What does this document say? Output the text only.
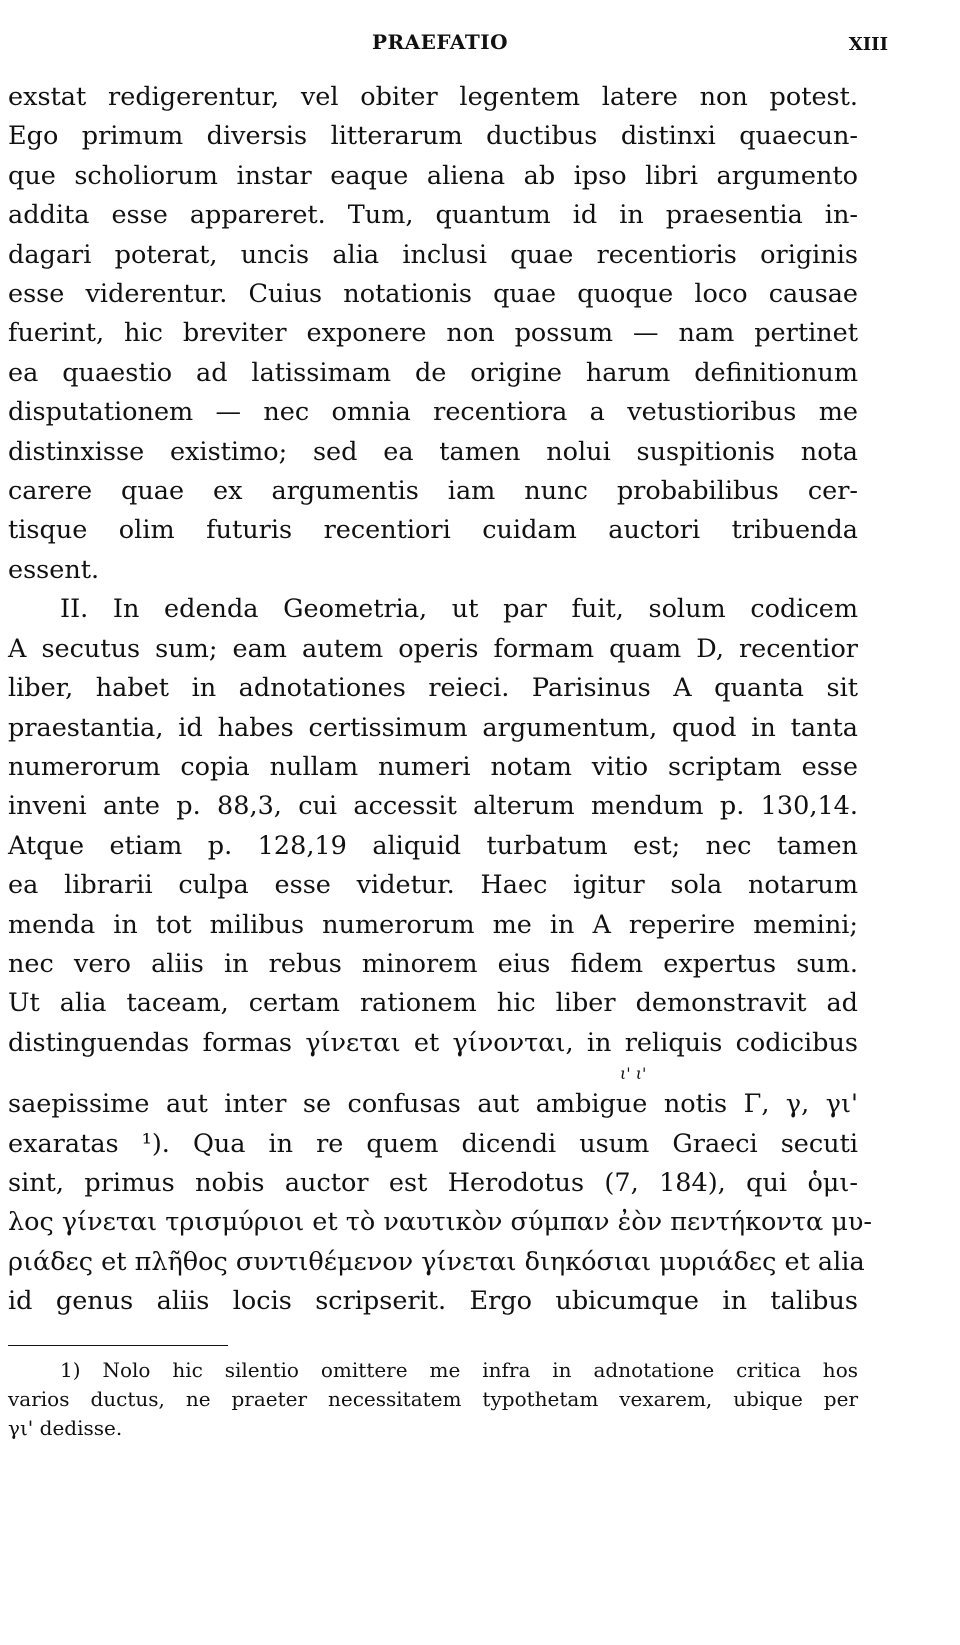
PRAEFATIO	XIII
exstat redigerentur, vel obiter legentem latere non potest.
Ego primum diversis litterarum ductibus distinxi quaecun-
que scholiorum instar eaque aliena ab ipso libri argumento
addita esse appareret. Tum, quantum id in praesentia in-
dagari poterat, uncis alia inclusi quae recentioris originis
esse viderentur. Cuius notationis quae quoque loco causae
fuerint, hic breviter exponere non possum — nam pertinet
ea quaestio ad latissimam de origine harum definitionum
disputationem — nec omnia recentiora a vetustioribus me
distinxisse existimo; sed ea tamen nolui suspitionis nota
carere quae ex argumentis iam nunc probabilibus cer-
tisque olim futuris recentiori cuidam auctori tribuenda
essent.
II. In edenda Geometria, ut par fuit, solum codicem
A secutus sum; eam autem operis formam quam D, recentior
liber, habet in adnotationes reieci. Parisinus A quanta sit
praestantia, id habes certissimum argumentum, quod in tanta
numerorum copia nullam numeri notam vitio scriptam esse
inveni ante p. 88,3, cui accessit alterum mendum p. 130,14.
Atque etiam p. 128,19 aliquid turbatum est; nec tamen
ea librarii culpa esse videtur. Haec igitur sola notarum
menda in tot milibus numerorum me in A reperire memini;
nec vero aliis in rebus minorem eius fidem expertus sum.
Ut alia taceam, certam rationem hic liber demonstravit ad
distinguendas formas γίνεται et γίνονται, in reliquis codicibus
ι' ι'
saepissime aut inter se confusas aut ambigue notis Γ, γ, γι'
exaratas ¹). Qua in re quem dicendi usum Graeci secuti
sint, primus nobis auctor est Herodotus (7, 184), qui ὁμι-
λος γίνεται τρισμύριοι et τὸ ναυτικὸν σύμπαν ἐὸν πεντήκοντα μυ-
ριάδες et πλῆθος συντιθέμενον γίνεται διηκόσιαι μυριάδες et alia
id genus aliis locis scripserit. Ergo ubicumque in talibus
1) Nolo hic silentio omittere me infra in adnotatione critica hos
varios ductus, ne praeter necessitatem typothetam vexarem, ubique per
γι' dedisse.
